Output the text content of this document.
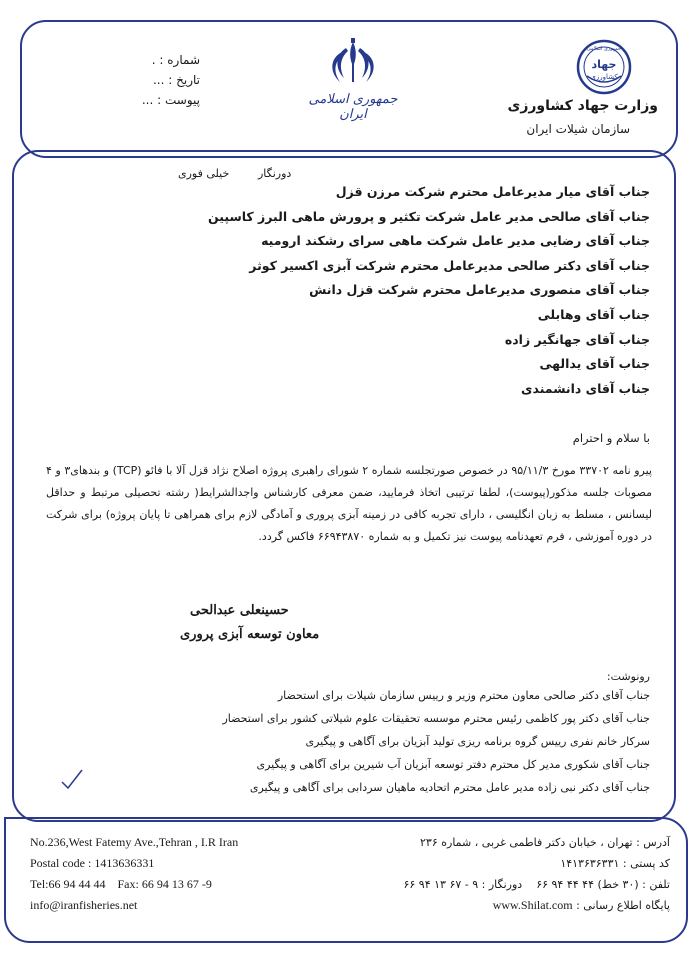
شماره : .
تاریخ : ...
پیوست : ...	جمهوری اسلامی ایران
جمهوری اسلامی
جهاد
کشاورزی
وزارت جهاد کشاورزی
سازمان شیلات ایران
دورنگار
خیلی فوری
جناب آقای میار مدیرعامل محترم شرکت مرزن قزل
جناب آقای صالحی مدیر عامل شرکت تکثیر و پرورش ماهی البرز کاسپین
جناب آقای رضایی مدیر عامل شرکت ماهی سرای رشکند ارومیه
جناب آقای دکتر صالحی مدیرعامل محترم شرکت آبزی اکسیر کوثر
جناب آقای منصوری مدیرعامل محترم شرکت قزل دانش
جناب آقای وهابلی
جناب آقای جهانگیر زاده
جناب آقای یدالهی
جناب آقای دانشمندی
با سلام و احترام
پیرو نامه ۳۳۷۰۲ مورخ ۹۵/۱۱/۳ در خصوص صورتجلسه شماره ۲ شورای راهبری پروژه اصلاح نژاد قزل آلا با فائو (TCP) و بندهای۳ و ۴ مصوبات جلسه مذکور(پیوست)، لطفا ترتیبی اتخاذ فرمایید، ضمن معرفی کارشناس واجدالشرایط( رشته تحصیلی مرتبط و حداقل لیسانس ، مسلط به زبان انگلیسی ، دارای تجربه کافی در زمینه آبزی پروری و آمادگی لازم برای همراهی تا پایان پروژه) برای شرکت در دوره آموزشی ، فرم تعهدنامه پیوست نیز تکمیل و به شماره ۶۶۹۴۳۸۷۰ فاکس گردد.
حسینعلی عبدالحی
معاون توسعه آبزی پروری
رونوشت:
جناب آقای دکتر صالحی معاون محترم وزیر و رییس سازمان شیلات برای استحضار
جناب آقای دکتر پور کاظمی رئیس محترم موسسه تحقیقات علوم شیلاتی کشور برای استحضار
سرکار خانم نفری رییس گروه برنامه ریزی تولید آبزیان برای آگاهی و پیگیری
جناب آقای شکوری مدیر کل محترم دفتر توسعه آبزیان آب شیرین برای آگاهی و پیگیری
جناب آقای دکتر نبی زاده مدیر عامل محترم اتحادیه ماهیان سردابی برای آگاهی و پیگیری
No.236,West Fatemy Ave.,Tehran , I.R Iran
Postal code : 1413636331
Tel:66 94 44 44    Fax: 66 94 13 67 -9
info@iranfisheries.net
آدرس : تهران ، خیابان دکتر فاطمی غربی ، شماره ۲۳۶
کد پستی : ۱۴۱۳۶۳۶۳۳۱
تلفن : (۳۰ خط) ۴۴ ۴۴ ۹۴ ۶۶    دورنگار : ۹ - ۶۷ ۱۳ ۹۴ ۶۶
پایگاه اطلاع رسانی : www.Shilat.com
